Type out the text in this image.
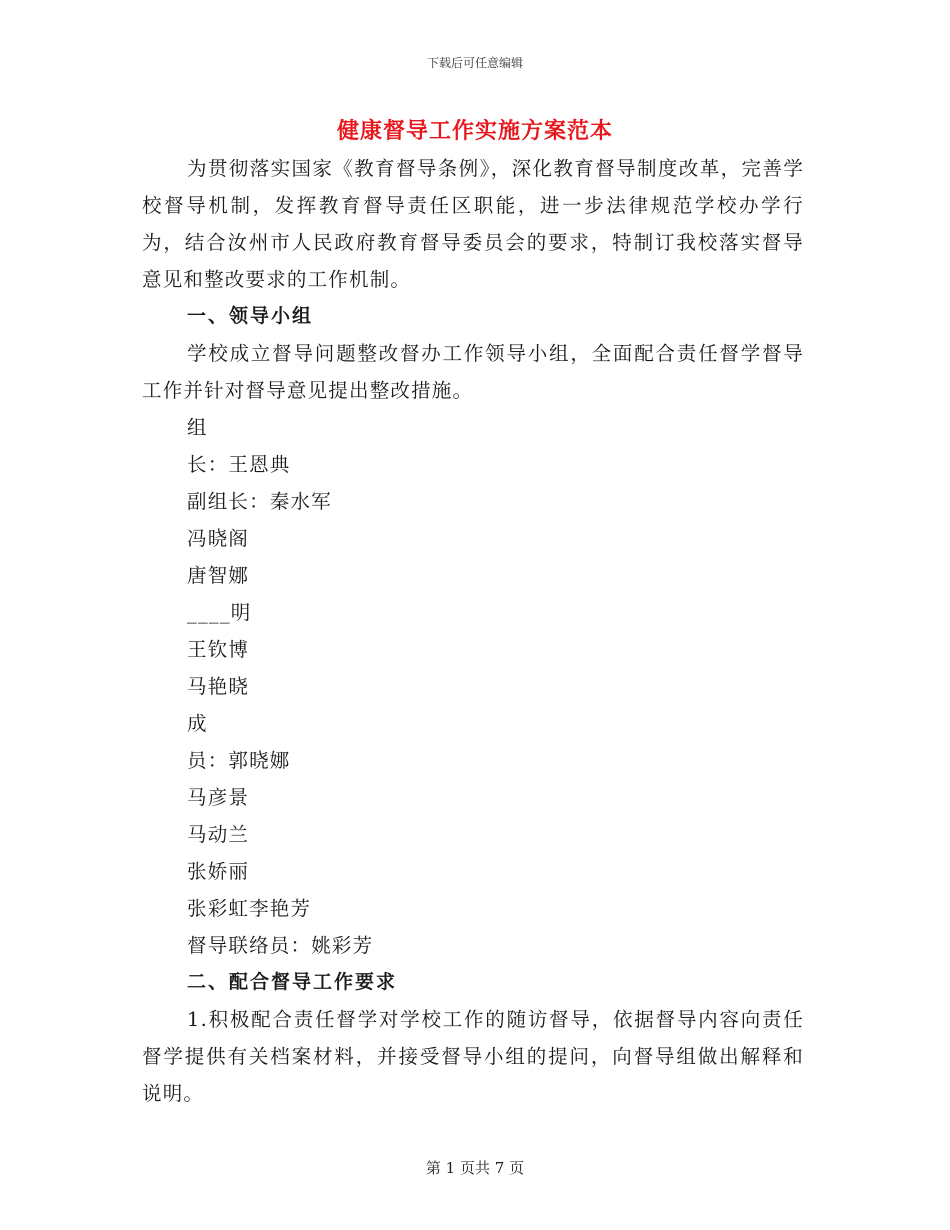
下载后可任意编辑
健康督导工作实施方案范本

为贯彻落实国家《教育督导条例》，深化教育督导制度改革，完善学校督导机制，发挥教育督导责任区职能，进一步法律规范学校办学行为，结合汝州市人民政府教育督导委员会的要求，特制订我校落实督导意见和整改要求的工作机制。

一、领导小组

学校成立督导问题整改督办工作领导小组，全面配合责任督学督导工作并针对督导意见提出整改措施。

组

长：王恩典

副组长：秦水军

冯晓阁

唐智娜

____明

王钦博

马艳晓

成

员：郭晓娜

马彦景

马动兰

张娇丽

张彩虹李艳芳

督导联络员：姚彩芳

二、配合督导工作要求

1.积极配合责任督学对学校工作的随访督导，依据督导内容向责任督学提供有关档案材料，并接受督导小组的提问，向督导组做出解释和说明。

第 1 页共 7 页
